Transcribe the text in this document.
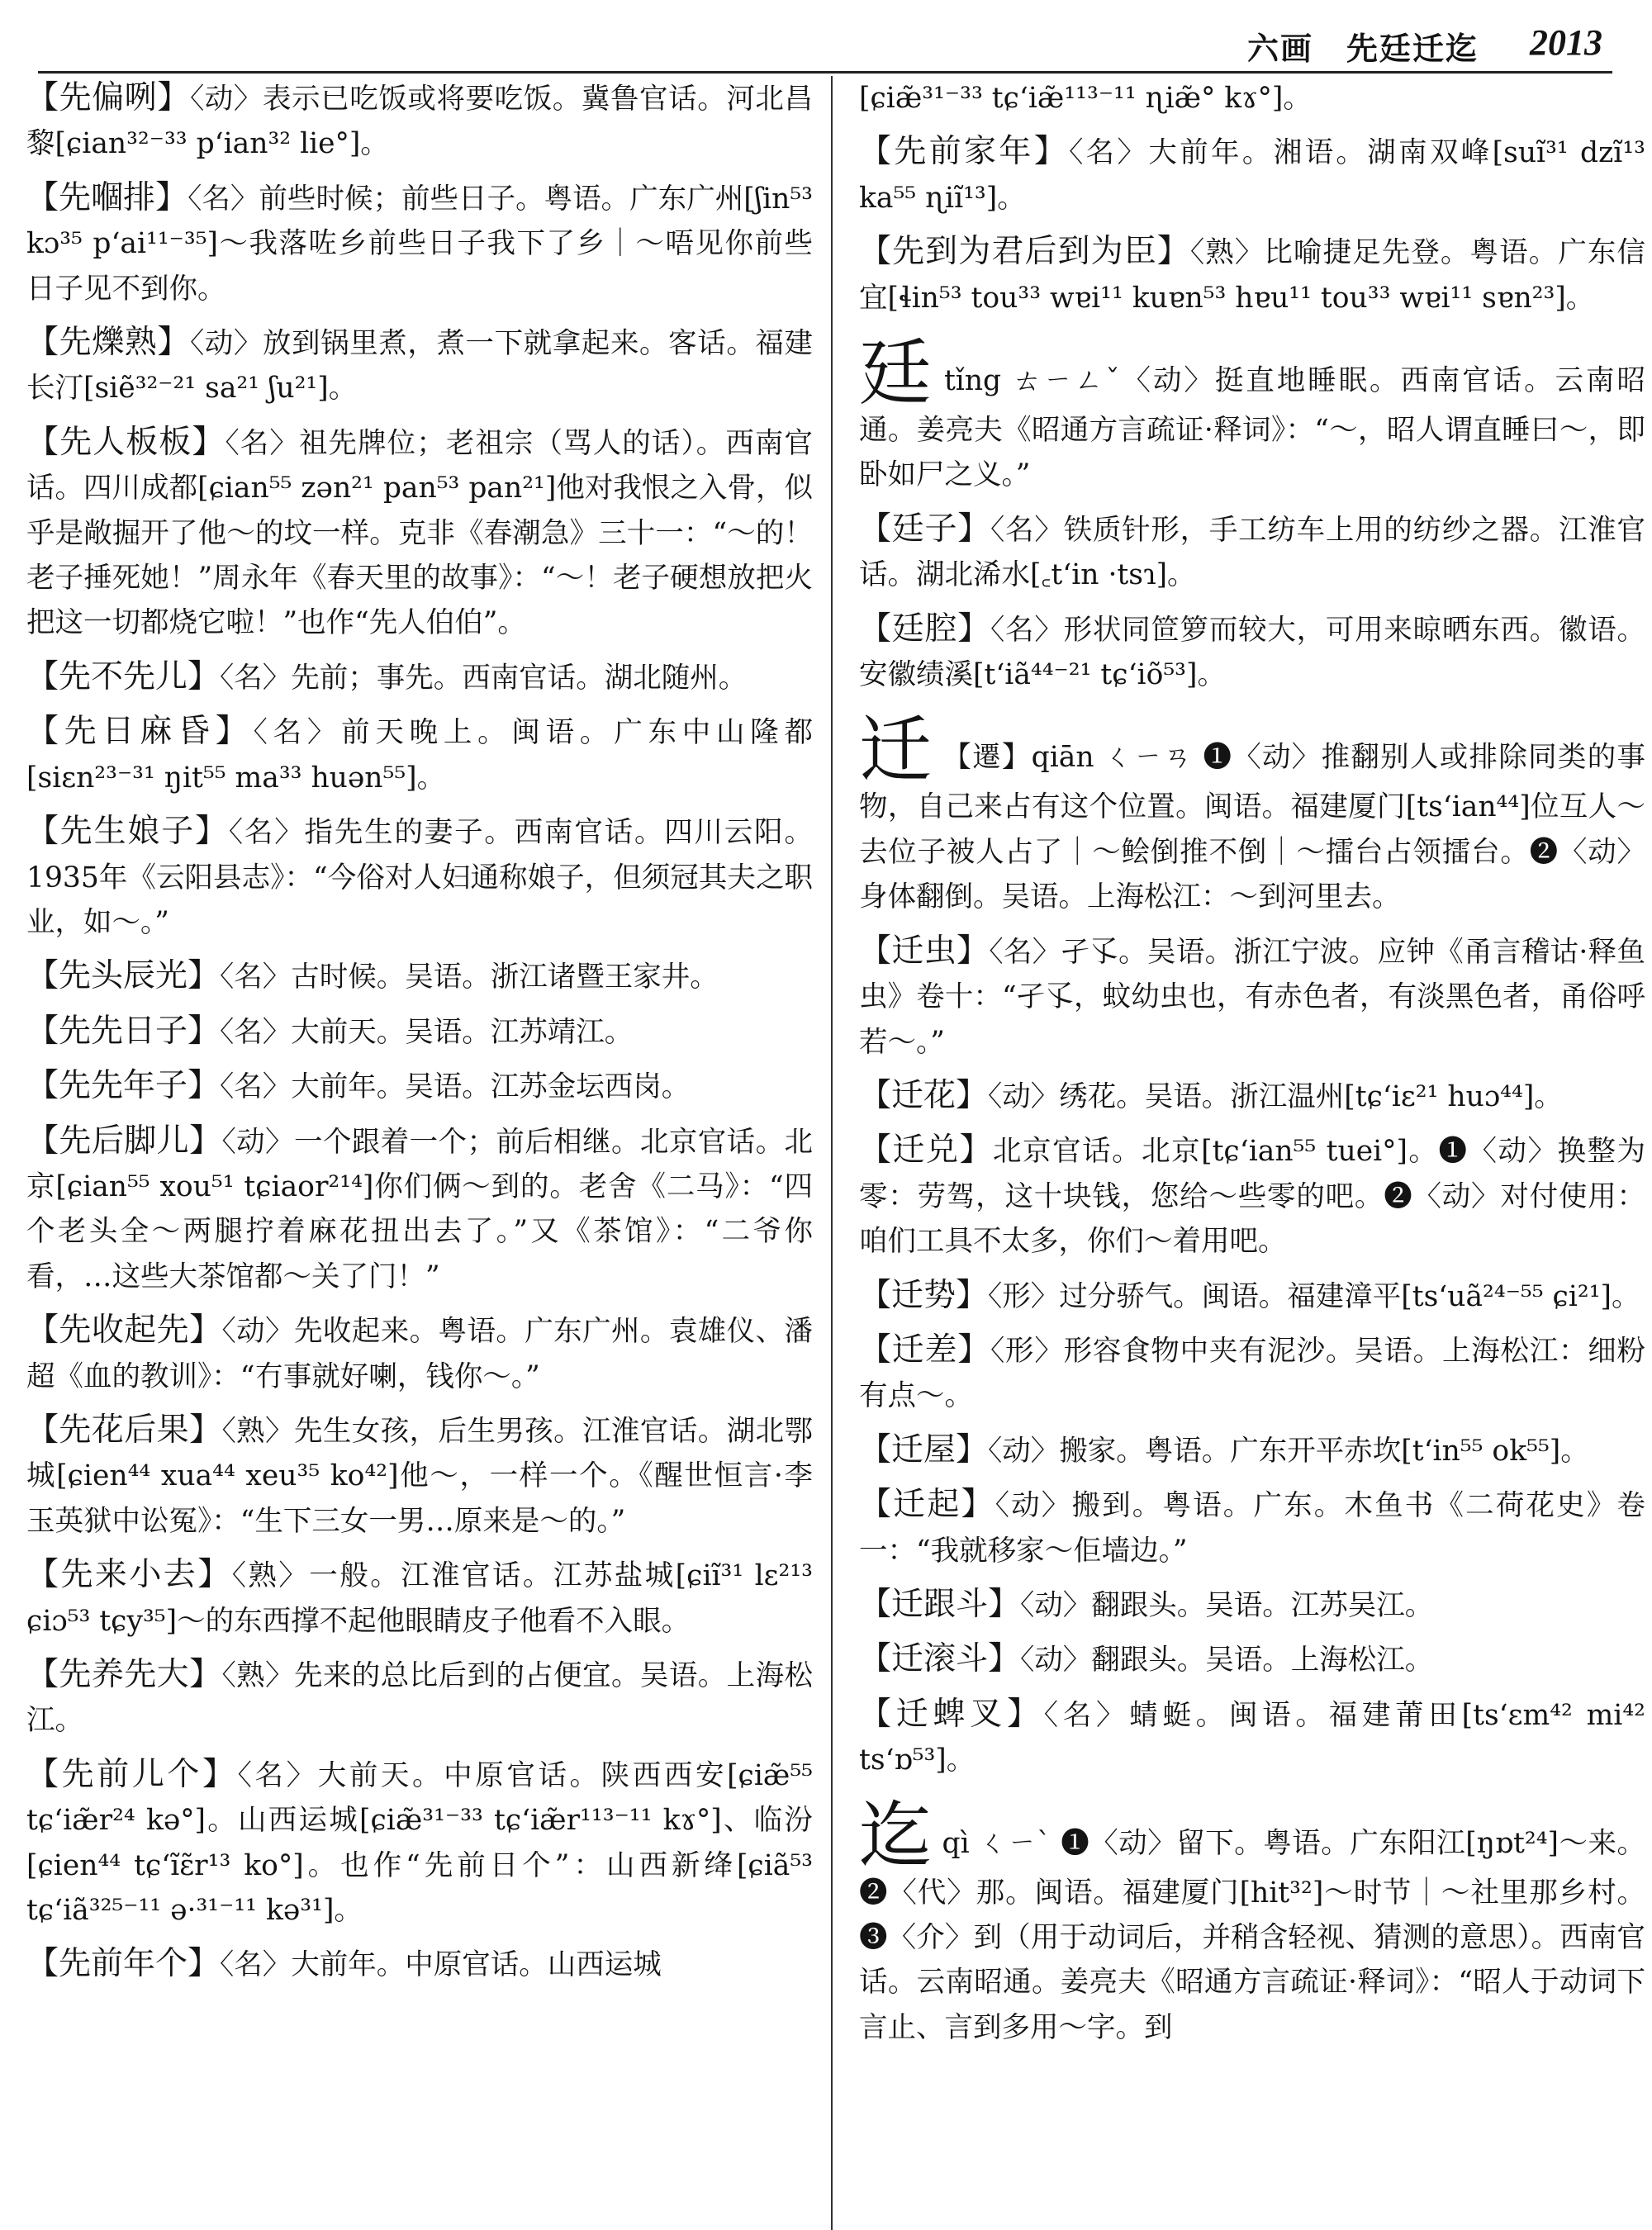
六画　先廷迁迄 2013
【先偏咧】〈动〉表示已吃饭或将要吃饭。冀鲁官话。河北昌黎[ɕian³²⁻³³ pʻian³² lie°]。
【先嗰排】〈名〉前些时候；前些日子。粤语。广东广州[ʃin⁵³ kɔ³⁵ pʻai¹¹⁻³⁵]～我落咗乡前些日子我下了乡｜～唔见你前些日子见不到你。
【先爍熟】〈动〉放到锅里煮，煮一下就拿起来。客话。福建长汀[siẽ³²⁻²¹ sa²¹ ʃu²¹]。
【先人板板】〈名〉祖先牌位；老祖宗（骂人的话）。西南官话。四川成都[ɕian⁵⁵ zən²¹ pan⁵³ pan²¹]他对我恨之入骨，似乎是敞掘开了他～的坟一样。克非《春潮急》三十一：“～的！老子捶死她！”周永年《春天里的故事》：“～！老子硬想放把火把这一切都烧它啦！”也作“先人伯伯”。
【先不先儿】〈名〉先前；事先。西南官话。湖北随州。
【先日麻昏】〈名〉前天晚上。闽语。广东中山隆都[siɛn²³⁻³¹ ŋit⁵⁵ ma³³ huən⁵⁵]。
【先生娘子】〈名〉指先生的妻子。西南官话。四川云阳。1935年《云阳县志》：“今俗对人妇通称娘子，但须冠其夫之职业，如～。”
【先头辰光】〈名〉古时候。吴语。浙江诸暨王家井。
【先先日子】〈名〉大前天。吴语。江苏靖江。
【先先年子】〈名〉大前年。吴语。江苏金坛西岗。
【先后脚儿】〈动〉一个跟着一个；前后相继。北京官话。北京[ɕian⁵⁵ xou⁵¹ tɕiaor²¹⁴]你们俩～到的。老舍《二马》：“四个老头全～两腿拧着麻花扭出去了。”又《茶馆》：“二爷你看，…这些大茶馆都～关了门！”
【先收起先】〈动〉先收起来。粤语。广东广州。袁雄仪、潘超《血的教训》：“冇事就好喇，钱你～。”
【先花后果】〈熟〉先生女孩，后生男孩。江淮官话。湖北鄂城[ɕien⁴⁴ xua⁴⁴ xeu³⁵ ko⁴²]他～，一样一个。《醒世恒言·李玉英狱中讼冤》：“生下三女一男…原来是～的。”
【先来小去】〈熟〉一般。江淮官话。江苏盐城[ɕiĩ³¹ lɛ²¹³ ɕiɔ⁵³ tɕy³⁵]～的东西撑不起他眼睛皮子他看不入眼。
【先养先大】〈熟〉先来的总比后到的占便宜。吴语。上海松江。
【先前儿个】〈名〉大前天。中原官话。陕西西安[ɕiæ̃⁵⁵ tɕʻiæ̃r²⁴ kə°]。山西运城[ɕiæ̃³¹⁻³³ tɕʻiæ̃r¹¹³⁻¹¹ kɤ°]、临汾[ɕien⁴⁴ tɕʻĩɛ̃r¹³ ko°]。也作“先前日个”：山西新绛[ɕiã⁵³ tɕʻiã³²⁵⁻¹¹ ə·³¹⁻¹¹ kə³¹]。
【先前年个】〈名〉大前年。中原官话。山西运城
[ɕiæ̃³¹⁻³³ tɕʻiæ̃¹¹³⁻¹¹ ɳiæ̃° kɤ°]。
【先前家年】〈名〉大前年。湘语。湖南双峰[suĩ³¹ dzĩ¹³ ka⁵⁵ ɳiĩ¹³]。
【先到为君后到为臣】〈熟〉比喻捷足先登。粤语。广东信宜[ɬin⁵³ tou³³ wɐi¹¹ kuɐn⁵³ hɐu¹¹ tou³³ wɐi¹¹ sɐn²³]。
廷tǐng ㄊㄧㄥˇ〈动〉挺直地睡眠。西南官话。云南昭通。姜亮夫《昭通方言疏证·释词》：“～，昭人谓直睡曰～，即卧如尸之义。”
【廷子】〈名〉铁质针形，手工纺车上用的纺纱之器。江淮官话。湖北浠水[꜀tʻin ·tsɿ]。
【廷腔】〈名〉形状同笸箩而较大，可用来晾晒东西。徽语。安徽绩溪[tʻiã⁴⁴⁻²¹ tɕʻiõ⁵³]。
迁 【遷】qiān ㄑㄧㄢ ❶〈动〉推翻别人或排除同类的事物，自己来占有这个位置。闽语。福建厦门[tsʻian⁴⁴]位互人～去位子被人占了｜～鲙倒推不倒｜～擂台占领擂台。❷〈动〉身体翻倒。吴语。上海松江：～到河里去。
【迁虫】〈名〉孑孓。吴语。浙江宁波。应钟《甬言稽诂·释鱼虫》卷十：“孑孓，蚊幼虫也，有赤色者，有淡黑色者，甬俗呼若～。”
【迁花】〈动〉绣花。吴语。浙江温州[tɕʻiɛ²¹ huɔ⁴⁴]。
【迁兑】北京官话。北京[tɕʻian⁵⁵ tuei°]。❶〈动〉换整为零：劳驾，这十块钱，您给～些零的吧。❷〈动〉对付使用：咱们工具不太多，你们～着用吧。
【迁势】〈形〉过分骄气。闽语。福建漳平[tsʻuã²⁴⁻⁵⁵ ɕi²¹]。
【迁差】〈形〉形容食物中夹有泥沙。吴语。上海松江：细粉有点～。
【迁屋】〈动〉搬家。粤语。广东开平赤坎[tʻin⁵⁵ ok⁵⁵]。
【迁起】〈动〉搬到。粤语。广东。木鱼书《二荷花史》卷一：“我就移家～佢墙边。”
【迁跟斗】〈动〉翻跟头。吴语。江苏吴江。
【迁滚斗】〈动〉翻跟头。吴语。上海松江。
【迁蜱叉】〈名〉蜻蜓。闽语。福建莆田[tsʻɛm⁴² mi⁴² tsʻɒ⁵³]。
迄qì ㄑㄧˋ ❶〈动〉留下。粤语。广东阳江[ŋɒt²⁴]～来。❷〈代〉那。闽语。福建厦门[hit³²]～时节｜～社里那乡村。❸〈介〉到（用于动词后，并稍含轻视、猜测的意思）。西南官话。云南昭通。姜亮夫《昭通方言疏证·释词》：“昭人于动词下言止、言到多用～字。到
